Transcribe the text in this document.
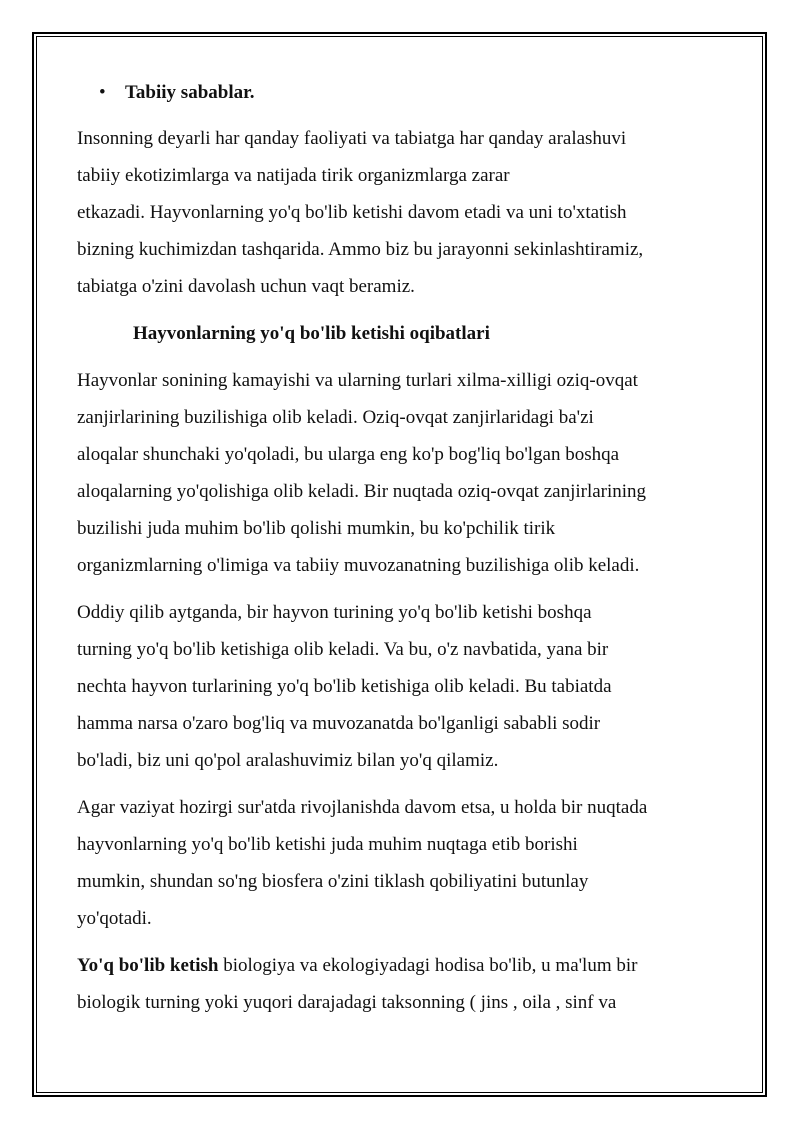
• Tabiiy sabablar.

Insonning deyarli har qanday faoliyati va tabiatga har qanday aralashuvi
tabiiy ekotizimlarga va natijada tirik organizmlarga zarar
etkazadi. Hayvonlarning yo'q bo'lib ketishi davom etadi va uni to'xtatish
bizning kuchimizdan tashqarida. Ammo biz bu jarayonni sekinlashtiramiz,
tabiatga o'zini davolash uchun vaqt beramiz.

Hayvonlarning yo'q bo'lib ketishi oqibatlari

Hayvonlar sonining kamayishi va ularning turlari xilma-xilligi oziq-ovqat
zanjirlarining buzilishiga olib keladi. Oziq-ovqat zanjirlaridagi ba'zi
aloqalar shunchaki yo'qoladi, bu ularga eng ko'p bog'liq bo'lgan boshqa
aloqalarning yo'qolishiga olib keladi. Bir nuqtada oziq-ovqat zanjirlarining
buzilishi juda muhim bo'lib qolishi mumkin, bu ko'pchilik tirik
organizmlarning o'limiga va tabiiy muvozanatning buzilishiga olib keladi.

Oddiy qilib aytganda, bir hayvon turining yo'q bo'lib ketishi boshqa
turning yo'q bo'lib ketishiga olib keladi. Va bu, o'z navbatida, yana bir
nechta hayvon turlarining yo'q bo'lib ketishiga olib keladi. Bu tabiatda
hamma narsa o'zaro bog'liq va muvozanatda bo'lganligi sababli sodir
bo'ladi, biz uni qo'pol aralashuvimiz bilan yo'q qilamiz.

Agar vaziyat hozirgi sur'atda rivojlanishda davom etsa, u holda bir nuqtada
hayvonlarning yo'q bo'lib ketishi juda muhim nuqtaga etib borishi
mumkin, shundan so'ng biosfera o'zini tiklash qobiliyatini butunlay
yo'qotadi.

Yo'q bo'lib ketish biologiya va ekologiyadagi hodisa bo'lib, u ma'lum bir
biologik turning yoki yuqori darajadagi taksonning ( jins , oila , sinf va
